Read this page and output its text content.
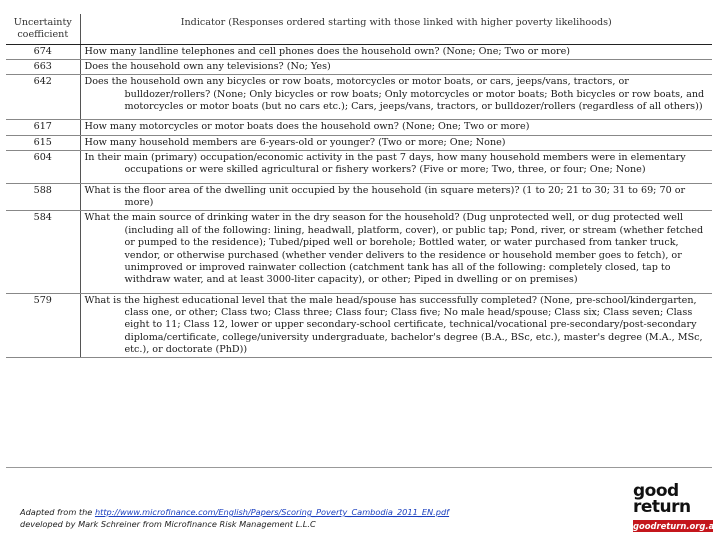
Uncertainty coefficient	Indicator (Responses ordered starting with those linked with higher poverty likelihoods)
674	How many landline telephones and cell phones does the household own? (None; One; Two or more)
663	Does the household own any televisions? (No; Yes)
642	Does the household own any bicycles or row boats, motorcycles or motor boats, or cars, jeeps/vans, tractors, or bulldozer/rollers? (None; Only bicycles or row boats; Only motorcycles or motor boats; Both bicycles or row boats, and motorcycles or motor boats (but no cars etc.); Cars, jeeps/vans, tractors, or bulldozer/rollers (regardless of all others))
617	How many motorcycles or motor boats does the household own? (None; One; Two or more)
615	How many household members are 6-years-old or younger? (Two or more; One; None)
604	In their main (primary) occupation/economic activity in the past 7 days, how many household members were in elementary occupations or were skilled agricultural or fishery workers? (Five or more; Two, three, or four; One; None)
588	What is the floor area of the dwelling unit occupied by the household (in square meters)? (1 to 20; 21 to 30; 31 to 69; 70 or more)
584	What the main source of drinking water in the dry season for the household? (Dug unprotected well, or dug protected well (including all of the following: lining, headwall, platform, cover), or public tap; Pond, river, or stream (whether fetched or pumped to the residence); Tubed/piped well or borehole; Bottled water, or water purchased from tanker truck, vendor, or otherwise purchased (whether vender delivers to the residence or household member goes to fetch), or unimproved or improved rainwater collection (catchment tank has all of the following: completely closed, tap to withdraw water, and at least 3000-liter capacity), or other; Piped in dwelling or on premises)
579	What is the highest educational level that the male head/spouse has successfully completed? (None, pre-school/kindergarten, class one, or other; Class two; Class three; Class four; Class five; No male head/spouse; Class six; Class seven; Class eight to 11; Class 12, lower or upper secondary-school certificate, technical/vocational pre-secondary/post-secondary diploma/certificate, college/university undergraduate, bachelor's degree (B.A., BSc, etc.), master's degree (M.A., MSc, etc.), or doctorate (PhD))
Adapted from the http://www.microfinance.com/English/Papers/Scoring_Poverty_Cambodia_2011_EN.pdf
developed by Mark Schreiner from Microfinance Risk Management L.L.C
good
return
goodreturn.org.au
